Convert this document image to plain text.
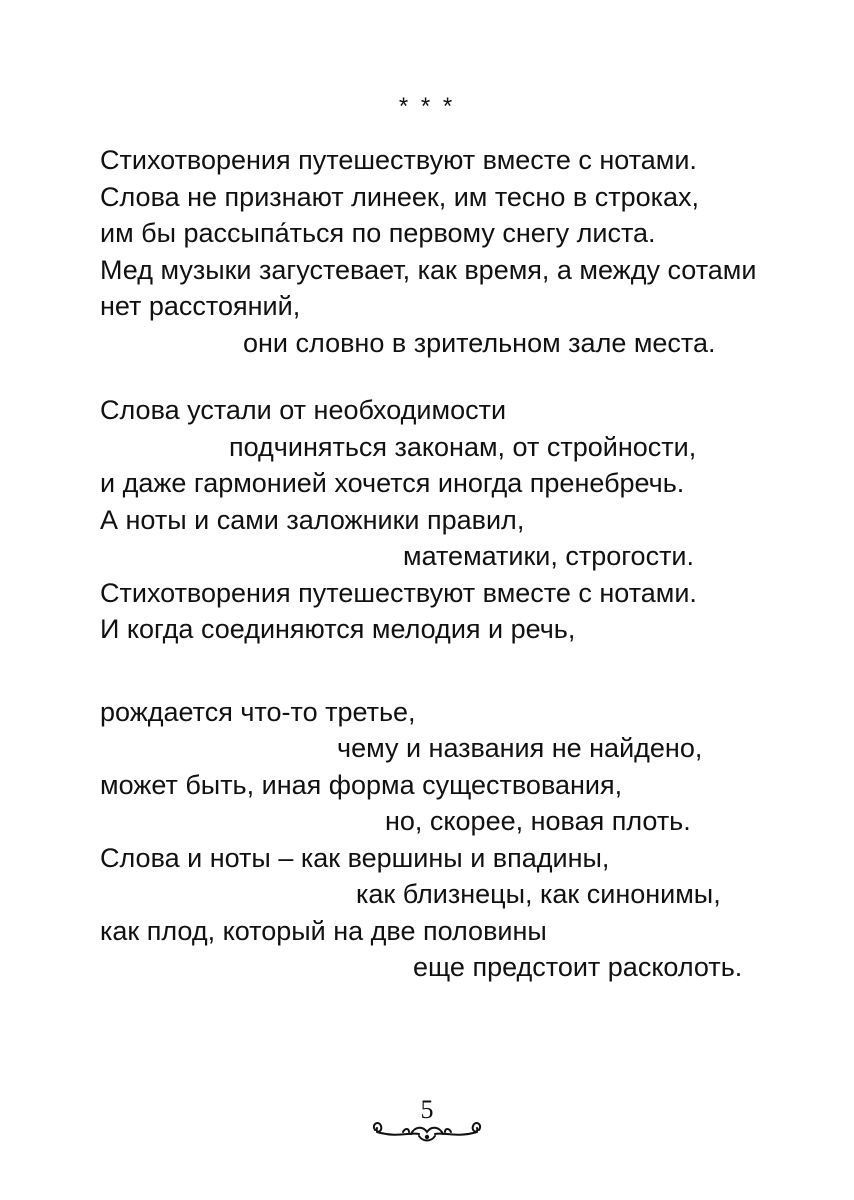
* * *
Стихотворения путешествуют вместе с нотами.
Слова не признают линеек, им тесно в строках,
им бы рассыпа́ться по первому снегу листа.
Мед музыки загустевает, как время, а между сотами
нет расстояний,
они словно в зрительном зале места.
Слова устали от необходимости
подчиняться законам, от стройности,
и даже гармонией хочется иногда пренебречь.
А ноты и сами заложники правил,
математики, строгости.
Стихотворения путешествуют вместе с нотами.
И когда соединяются мелодия и речь,
рождается что-то третье,
чему и названия не найдено,
может быть, иная форма существования,
но, скорее, новая плоть.
Слова и ноты – как вершины и впадины,
как близнецы, как синонимы,
как плод, который на две половины
еще предстоит расколоть.
5
